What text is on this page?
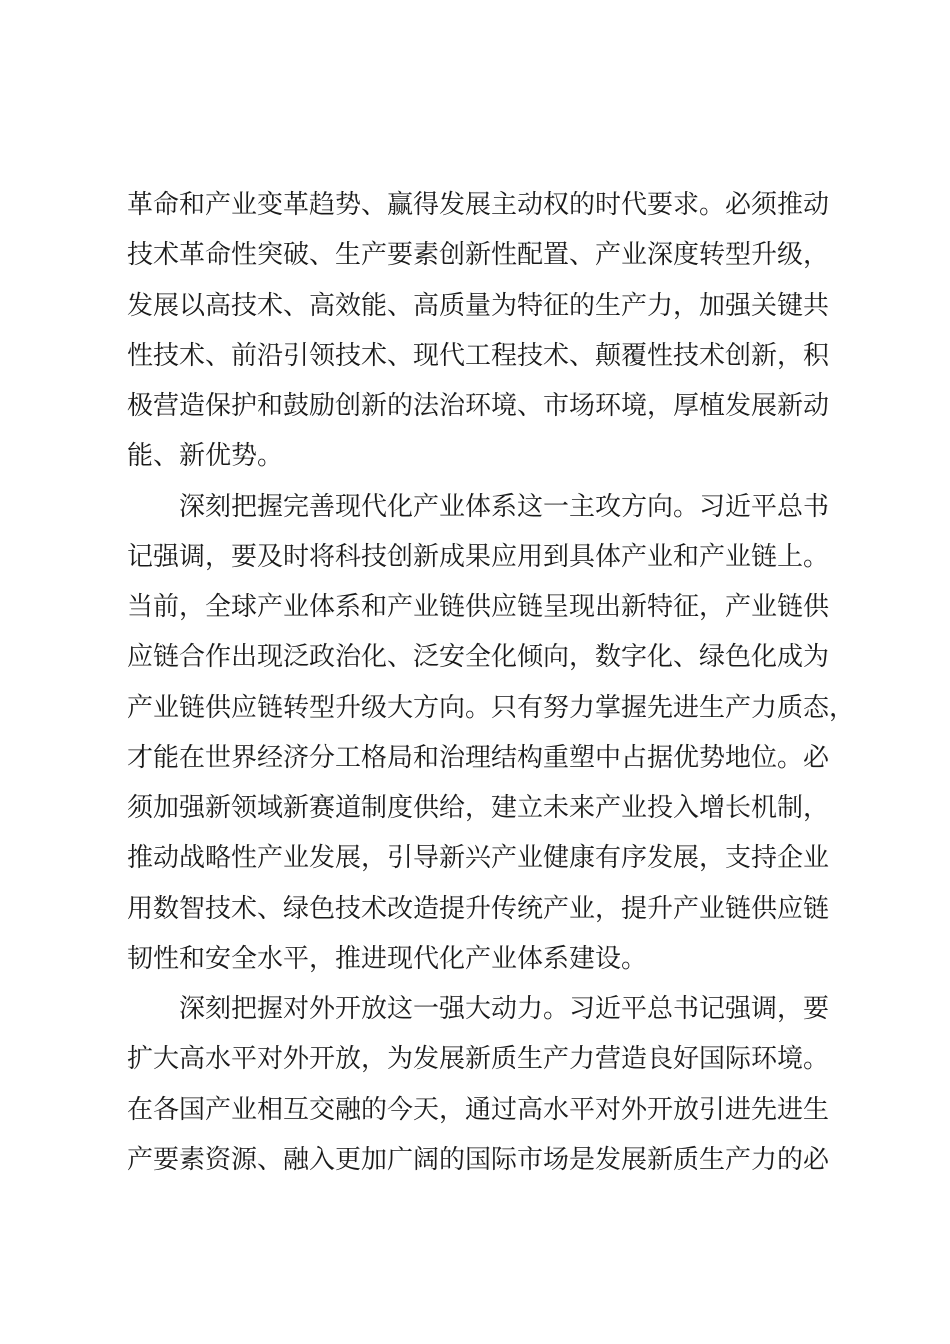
革命和产业变革趋势、赢得发展主动权的时代要求。必须推动
技术革命性突破、生产要素创新性配置、产业深度转型升级，
发展以高技术、高效能、高质量为特征的生产力，加强关键共
性技术、前沿引领技术、现代工程技术、颠覆性技术创新，积
极营造保护和鼓励创新的法治环境、市场环境，厚植发展新动
能、新优势。
深刻把握完善现代化产业体系这一主攻方向。习近平总书
记强调，要及时将科技创新成果应用到具体产业和产业链上。
当前，全球产业体系和产业链供应链呈现出新特征，产业链供
应链合作出现泛政治化、泛安全化倾向，数字化、绿色化成为
产业链供应链转型升级大方向。只有努力掌握先进生产力质态，
才能在世界经济分工格局和治理结构重塑中占据优势地位。必
须加强新领域新赛道制度供给，建立未来产业投入增长机制，
推动战略性产业发展，引导新兴产业健康有序发展，支持企业
用数智技术、绿色技术改造提升传统产业，提升产业链供应链
韧性和安全水平，推进现代化产业体系建设。
深刻把握对外开放这一强大动力。习近平总书记强调，要
扩大高水平对外开放，为发展新质生产力营造良好国际环境。
在各国产业相互交融的今天，通过高水平对外开放引进先进生
产要素资源、融入更加广阔的国际市场是发展新质生产力的必
